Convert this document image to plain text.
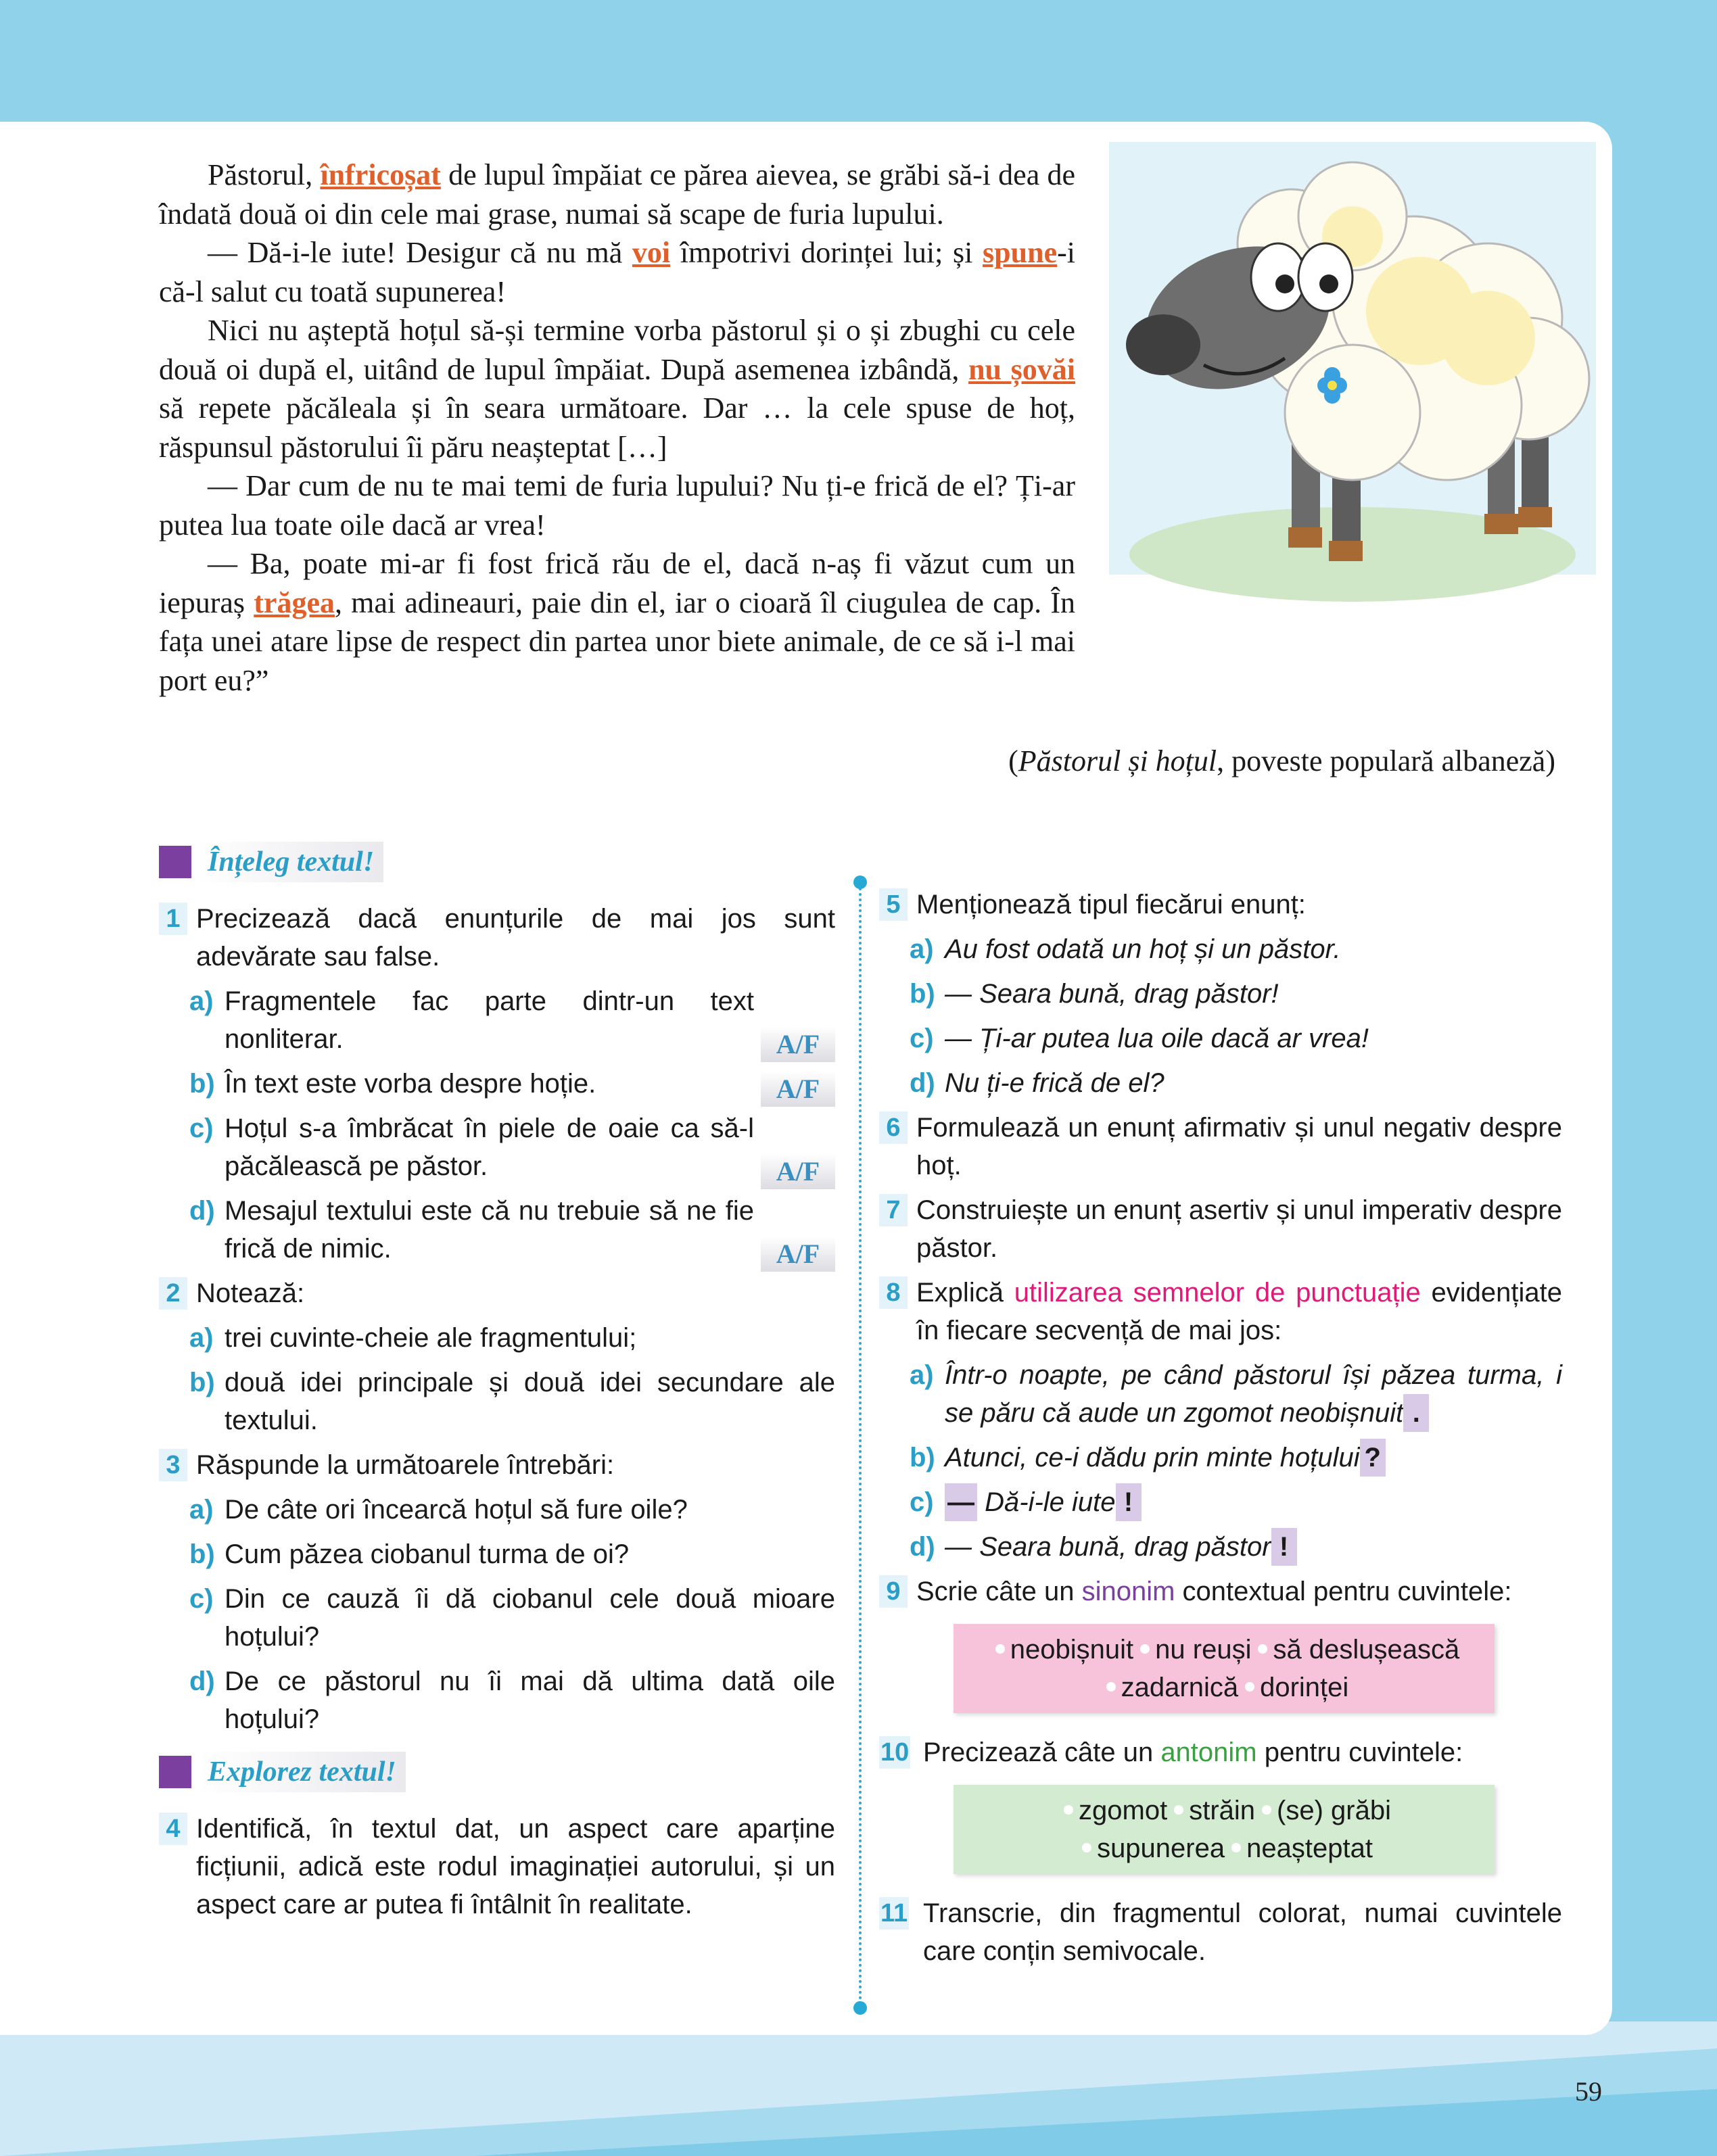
Păstorul, înfricoșat de lupul împăiat ce părea aievea, se grăbi să-i dea de îndată două oi din cele mai grase, numai să scape de furia lupului.

— Dă-i-le iute! Desigur că nu mă voi împotrivi dorinței lui; și spune-i că-l salut cu toată supunerea!

Nici nu așteptă hoțul să-și termine vorba păstorul și o și zbughi cu cele două oi după el, uitând de lupul împăiat. După asemenea izbândă, nu șovăi să repete păcăleala și în seara următoare. Dar … la cele spuse de hoț, răspunsul păstorului îi păru neașteptat […]

— Dar cum de nu te mai temi de furia lupului? Nu ți-e frică de el? Ți-ar putea lua toate oile dacă ar vrea!

— Ba, poate mi-ar fi fost frică rău de el, dacă n-aș fi văzut cum un iepuraș trăgea, mai adineauri, paie din el, iar o cioară îl ciugulea de cap. În fața unei atare lipse de respect din partea unor biete animale, de ce să i-l mai port eu?”

(Păstorul și hoțul, poveste populară albaneză)
Înțeleg textul!
1 Precizează dacă enunțurile de mai jos sunt adevărate sau false.
a) Fragmentele fac parte dintr-un text nonliterar.	A/F
b) În text este vorba despre hoție.	A/F
c) Hoțul s-a îmbrăcat în piele de oaie ca să-l păcălească pe păstor.	A/F
d) Mesajul textului este că nu trebuie să ne fie frică de nimic.	A/F
2 Notează:
a) trei cuvinte-cheie ale fragmentului;
b) două idei principale și două idei secundare ale textului.
3 Răspunde la următoarele întrebări:
a) De câte ori încearcă hoțul să fure oile?
b) Cum păzea ciobanul turma de oi?
c) Din ce cauză îi dă ciobanul cele două mioare hoțului?
d) De ce păstorul nu îi mai dă ultima dată oile hoțului?
Explorez textul!
4 Identifică, în textul dat, un aspect care aparține ficțiunii, adică este rodul imaginației autorului, și un aspect care ar putea fi întâlnit în realitate.
5 Menționează tipul fiecărui enunț:
a) Au fost odată un hoț și un păstor.
b) — Seara bună, drag păstor!
c) — Ți-ar putea lua oile dacă ar vrea!
d) Nu ți-e frică de el?
6 Formulează un enunț afirmativ și unul negativ despre hoț.
7 Construiește un enunț asertiv și unul imperativ despre păstor.
8 Explică utilizarea semnelor de punctuație evidențiate în fiecare secvență de mai jos:
a) Într-o noapte, pe când păstorul își păzea turma, i se păru că aude un zgomot neobișnuit .
b) Atunci, ce-i dădu prin minte hoțului ?
c) — Dă-i-le iute !
d) — Seara bună, drag păstor !
9 Scrie câte un sinonim contextual pentru cuvintele:
neobișnuit nu reuși să deslușească
zadarnică dorinței
10 Precizează câte un antonim pentru cuvintele:
zgomot străin (se) grăbi
supunerea neașteptat
11 Transcrie, din fragmentul colorat, numai cuvintele care conțin semivocale.
59
